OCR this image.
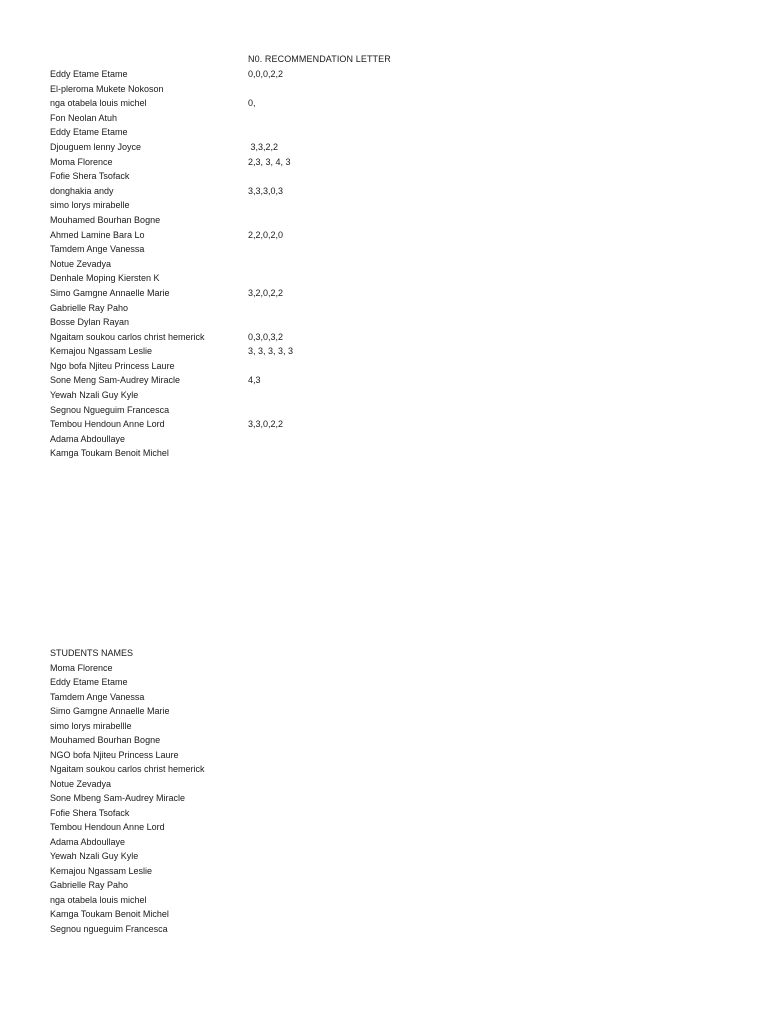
N0. RECOMMENDATION LETTER
Eddy Etame Etame	0,0,0,2,2
El-pleroma Mukete Nokoson
nga otabela louis michel	0,
Fon Neolan Atuh
Eddy Etame Etame
Djouguem lenny Joyce	3,3,2,2
Moma Florence	2,3, 3, 4, 3
Fofie Shera Tsofack
donghakia andy	3,3,3,0,3
simo lorys mirabelle
Mouhamed Bourhan Bogne
Ahmed Lamine Bara Lo	2,2,0,2,0
Tamdem Ange Vanessa
Notue Zevadya
Denhale Moping Kiersten K
Simo Gamgne Annaelle Marie	3,2,0,2,2
Gabrielle Ray Paho
Bosse Dylan Rayan
Ngaitam soukou carlos christ hemerick	0,3,0,3,2
Kemajou Ngassam Leslie	3, 3, 3, 3, 3
Ngo bofa Njiteu Princess Laure
Sone Meng Sam-Audrey Miracle	4,3
Yewah Nzali Guy Kyle
Segnou Ngueguim Francesca
Tembou Hendoun Anne Lord	3,3,0,2,2
Adama Abdoullaye
Kamga Toukam Benoit Michel
STUDENTS NAMES
Moma Florence
Eddy Etame Etame
Tamdem Ange Vanessa
Simo Gamgne Annaelle Marie
simo lorys mirabellle
Mouhamed Bourhan Bogne
NGO bofa Njiteu Princess Laure
Ngaitam soukou carlos christ hemerick
Notue Zevadya
Sone Mbeng Sam-Audrey Miracle
Fofie Shera Tsofack
Tembou Hendoun Anne Lord
Adama Abdoullaye
Yewah Nzali Guy Kyle
Kemajou Ngassam Leslie
Gabrielle Ray Paho
nga otabela louis michel
Kamga Toukam Benoit Michel
Segnou ngueguim Francesca
